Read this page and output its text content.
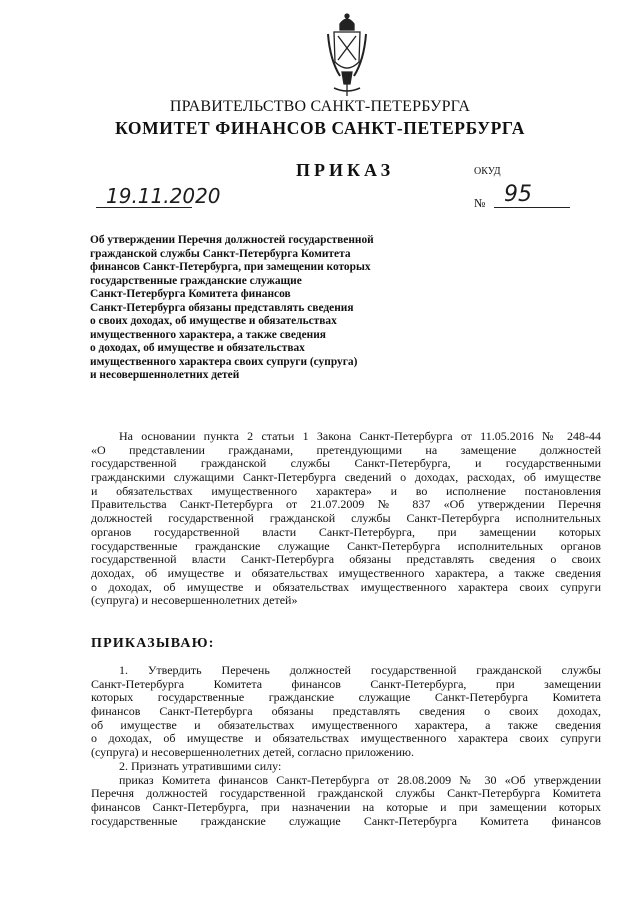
ПРАВИТЕЛЬСТВО САНКТ-ПЕТЕРБУРГА
КОМИТЕТ ФИНАНСОВ САНКТ-ПЕТЕРБУРГА
ПРИКАЗ	ОКУД
19.11.2020	№ 95
Об утверждении Перечня должностей государственной
гражданской службы Санкт-Петербурга Комитета
финансов Санкт-Петербурга, при замещении которых
государственные гражданские служащие
Санкт-Петербурга Комитета финансов
Санкт-Петербурга обязаны представлять сведения
о своих доходах, об имуществе и обязательствах
имущественного характера, а также сведения
о доходах, об имуществе и обязательствах
имущественного характера своих супруги (супруга)
и несовершеннолетних детей
На основании пункта 2 статьи 1 Закона Санкт-Петербурга от 11.05.2016 № 248-44
«О представлении гражданами, претендующими на замещение должностей
государственной гражданской службы Санкт-Петербурга, и государственными
гражданскими служащими Санкт-Петербурга сведений о доходах, расходах, об имуществе
и обязательствах имущественного характера» и во исполнение постановления
Правительства Санкт-Петербурга от 21.07.2009 № 837 «Об утверждении Перечня
должностей государственной гражданской службы Санкт-Петербурга исполнительных
органов государственной власти Санкт-Петербурга, при замещении которых
государственные гражданские служащие Санкт-Петербурга исполнительных органов
государственной власти Санкт-Петербурга обязаны представлять сведения о своих
доходах, об имуществе и обязательствах имущественного характера, а также сведения
о доходах, об имуществе и обязательствах имущественного характера своих супруги
(супруга) и несовершеннолетних детей»
ПРИКАЗЫВАЮ:
1. Утвердить Перечень должностей государственной гражданской службы
Санкт-Петербурга Комитета финансов Санкт-Петербурга, при замещении
которых государственные гражданские служащие Санкт-Петербурга Комитета
финансов Санкт-Петербурга обязаны представлять сведения о своих доходах,
об имуществе и обязательствах имущественного характера, а также сведения
о доходах, об имуществе и обязательствах имущественного характера своих супруги
(супруга) и несовершеннолетних детей, согласно приложению.
2. Признать утратившими силу:
приказ Комитета финансов Санкт-Петербурга от 28.08.2009 № 30 «Об утверждении
Перечня должностей государственной гражданской службы Санкт-Петербурга Комитета
финансов Санкт-Петербурга, при назначении на которые и при замещении которых
государственные гражданские служащие Санкт-Петербурга Комитета финансов
